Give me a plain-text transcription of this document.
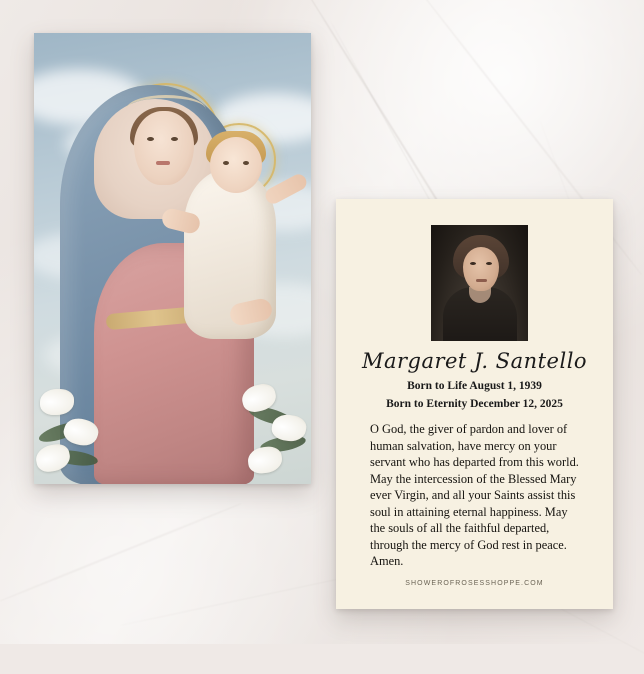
Margaret J. Santello
Born to Life August 1, 1939
Born to Eternity December 12, 2025
O God, the giver of pardon and lover of human salvation, have mercy on your servant who has departed from this world. May the intercession of the Blessed Mary ever Virgin, and all your Saints assist this soul in attaining eternal happiness. May the souls of all the faithful departed, through the mercy of God rest in peace. Amen.
SHOWEROFROSESSHOPPE.COM
